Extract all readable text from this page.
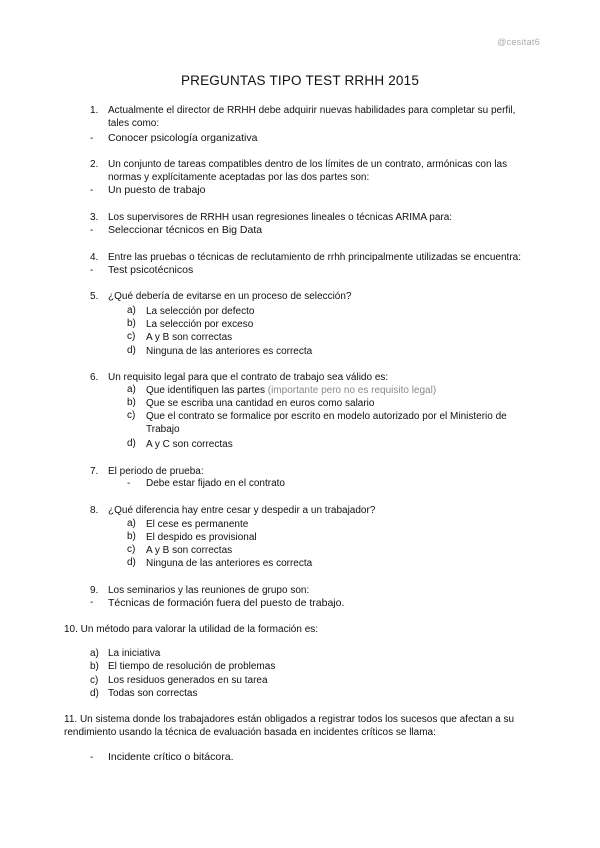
@cesitat6
PREGUNTAS TIPO TEST RRHH 2015
1. Actualmente el director de RRHH debe adquirir nuevas habilidades para completar su perfil, tales como:
- Conocer psicología organizativa
2. Un conjunto de tareas compatibles dentro de los límites de un contrato, armónicas con las normas y explícitamente aceptadas por las dos partes son:
- Un puesto de trabajo
3. Los supervisores de RRHH usan regresiones lineales o técnicas ARIMA para:
- Seleccionar técnicos en Big Data
4. Entre las pruebas o técnicas de reclutamiento de rrhh principalmente utilizadas se encuentra:
- Test psicotécnicos
5. ¿Qué debería de evitarse en un proceso de selección?
a) La selección por defecto
b) La selección por exceso
c) A y B son correctas
d) Ninguna de las anteriores es correcta
6. Un requisito legal para que el contrato de trabajo sea válido es:
a) Que identifiquen las partes (importante pero no es requisito legal)
b) Que se escriba una cantidad en euros como salario
c) Que el contrato se formalice por escrito en modelo autorizado por el Ministerio de Trabajo
d) A y C son correctas
7. El periodo de prueba:
- Debe estar fijado en el contrato
8. ¿Qué diferencia hay entre cesar y despedir a un trabajador?
a) El cese es permanente
b) El despido es provisional
c) A y B son correctas
d) Ninguna de las anteriores es correcta
9. Los seminarios y las reuniones de grupo son:
- Técnicas de formación fuera del puesto de trabajo.
10. Un método para valorar la utilidad de la formación es:
a) La iniciativa
b) El tiempo de resolución de problemas
c) Los residuos generados en su tarea
d) Todas son correctas
11. Un sistema donde los trabajadores están obligados a registrar todos los sucesos que afectan a su
rendimiento usando la técnica de evaluación basada en incidentes críticos se llama:
- Incidente crítico o bitácora.
